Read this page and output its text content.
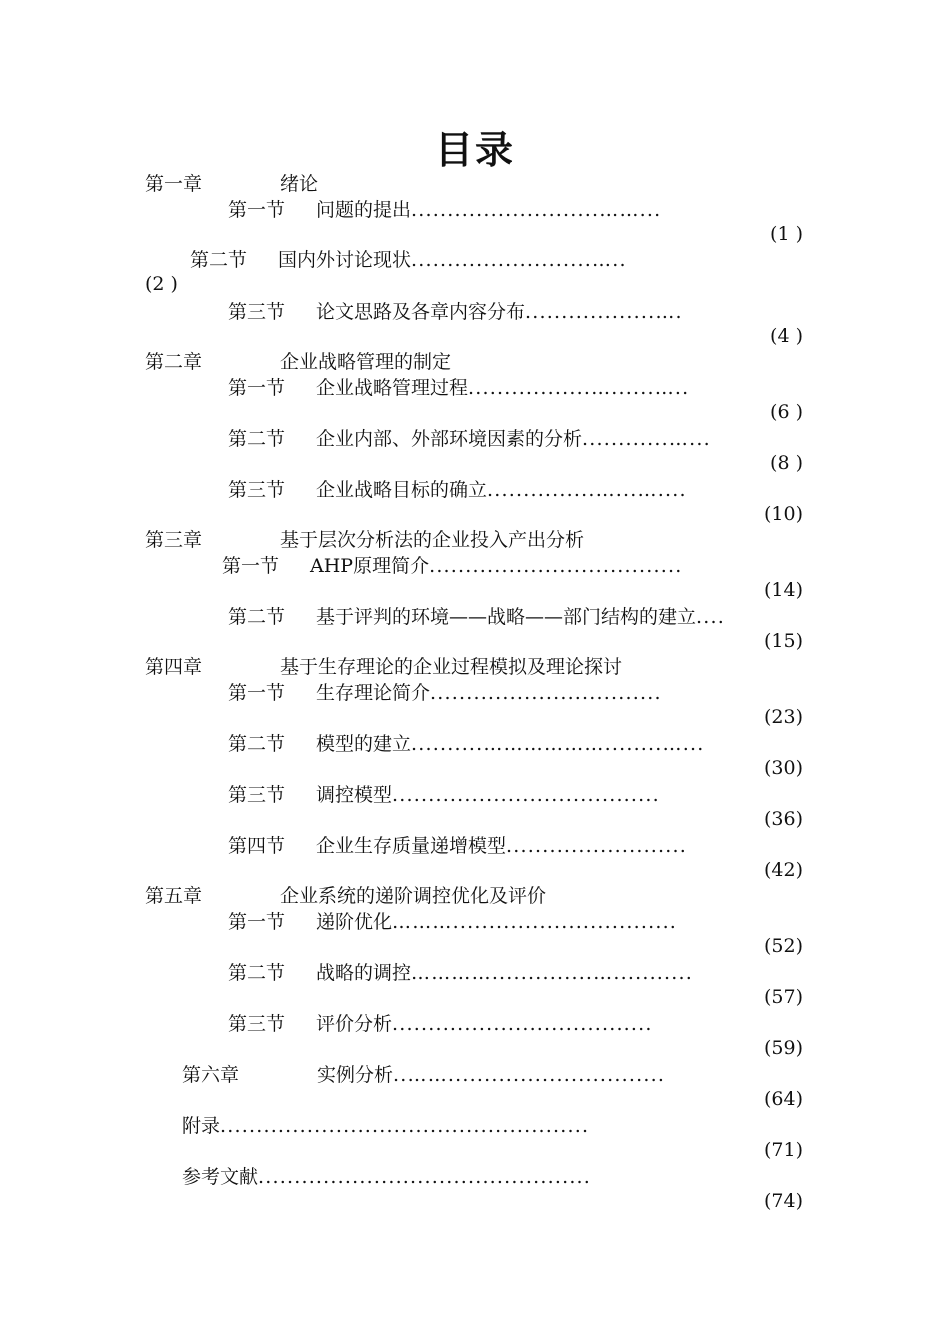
目录
第一章	绪论
第一节 问题的提出..........................……...
(1 )
第二节 国内外讨论现状.........................…..
(2 )
第三节 论文思路及各章内容分布..................….
(4 )
第二章	企业战略管理的制定
第一节 企业战略管理过程.................…......…..
(6 )
第二节 企业内部、外部环境因素的分析............…...
(8 )
第三节 企业战略目标的确立...............…...…....
(10)
第三章	基于层次分析法的企业投入产出分析
第一节 AHP原理简介...................................
(14)
第二节 基于评判的环境——战略——部门结构的建立....
(15)
第四章	基于生存理论的企业过程模拟及理论探讨
第一节 生存理论简介................................
(23)
第二节 模型的建立..........………………........…...
(30)
第三节 调控模型.....................................
(36)
第四节 企业生存质量递增模型.........................
(42)
第五章	企业系统的递阶调控优化及评价
第一节 递阶优化………...............................
(52)
第二节 战略的调控…………..............…...........
(57)
第三节 评价分析....................................
(59)
第六章	实例分析..……..............................
(64)
附录...................................................
(71)
参考文献..............................................
(74)
